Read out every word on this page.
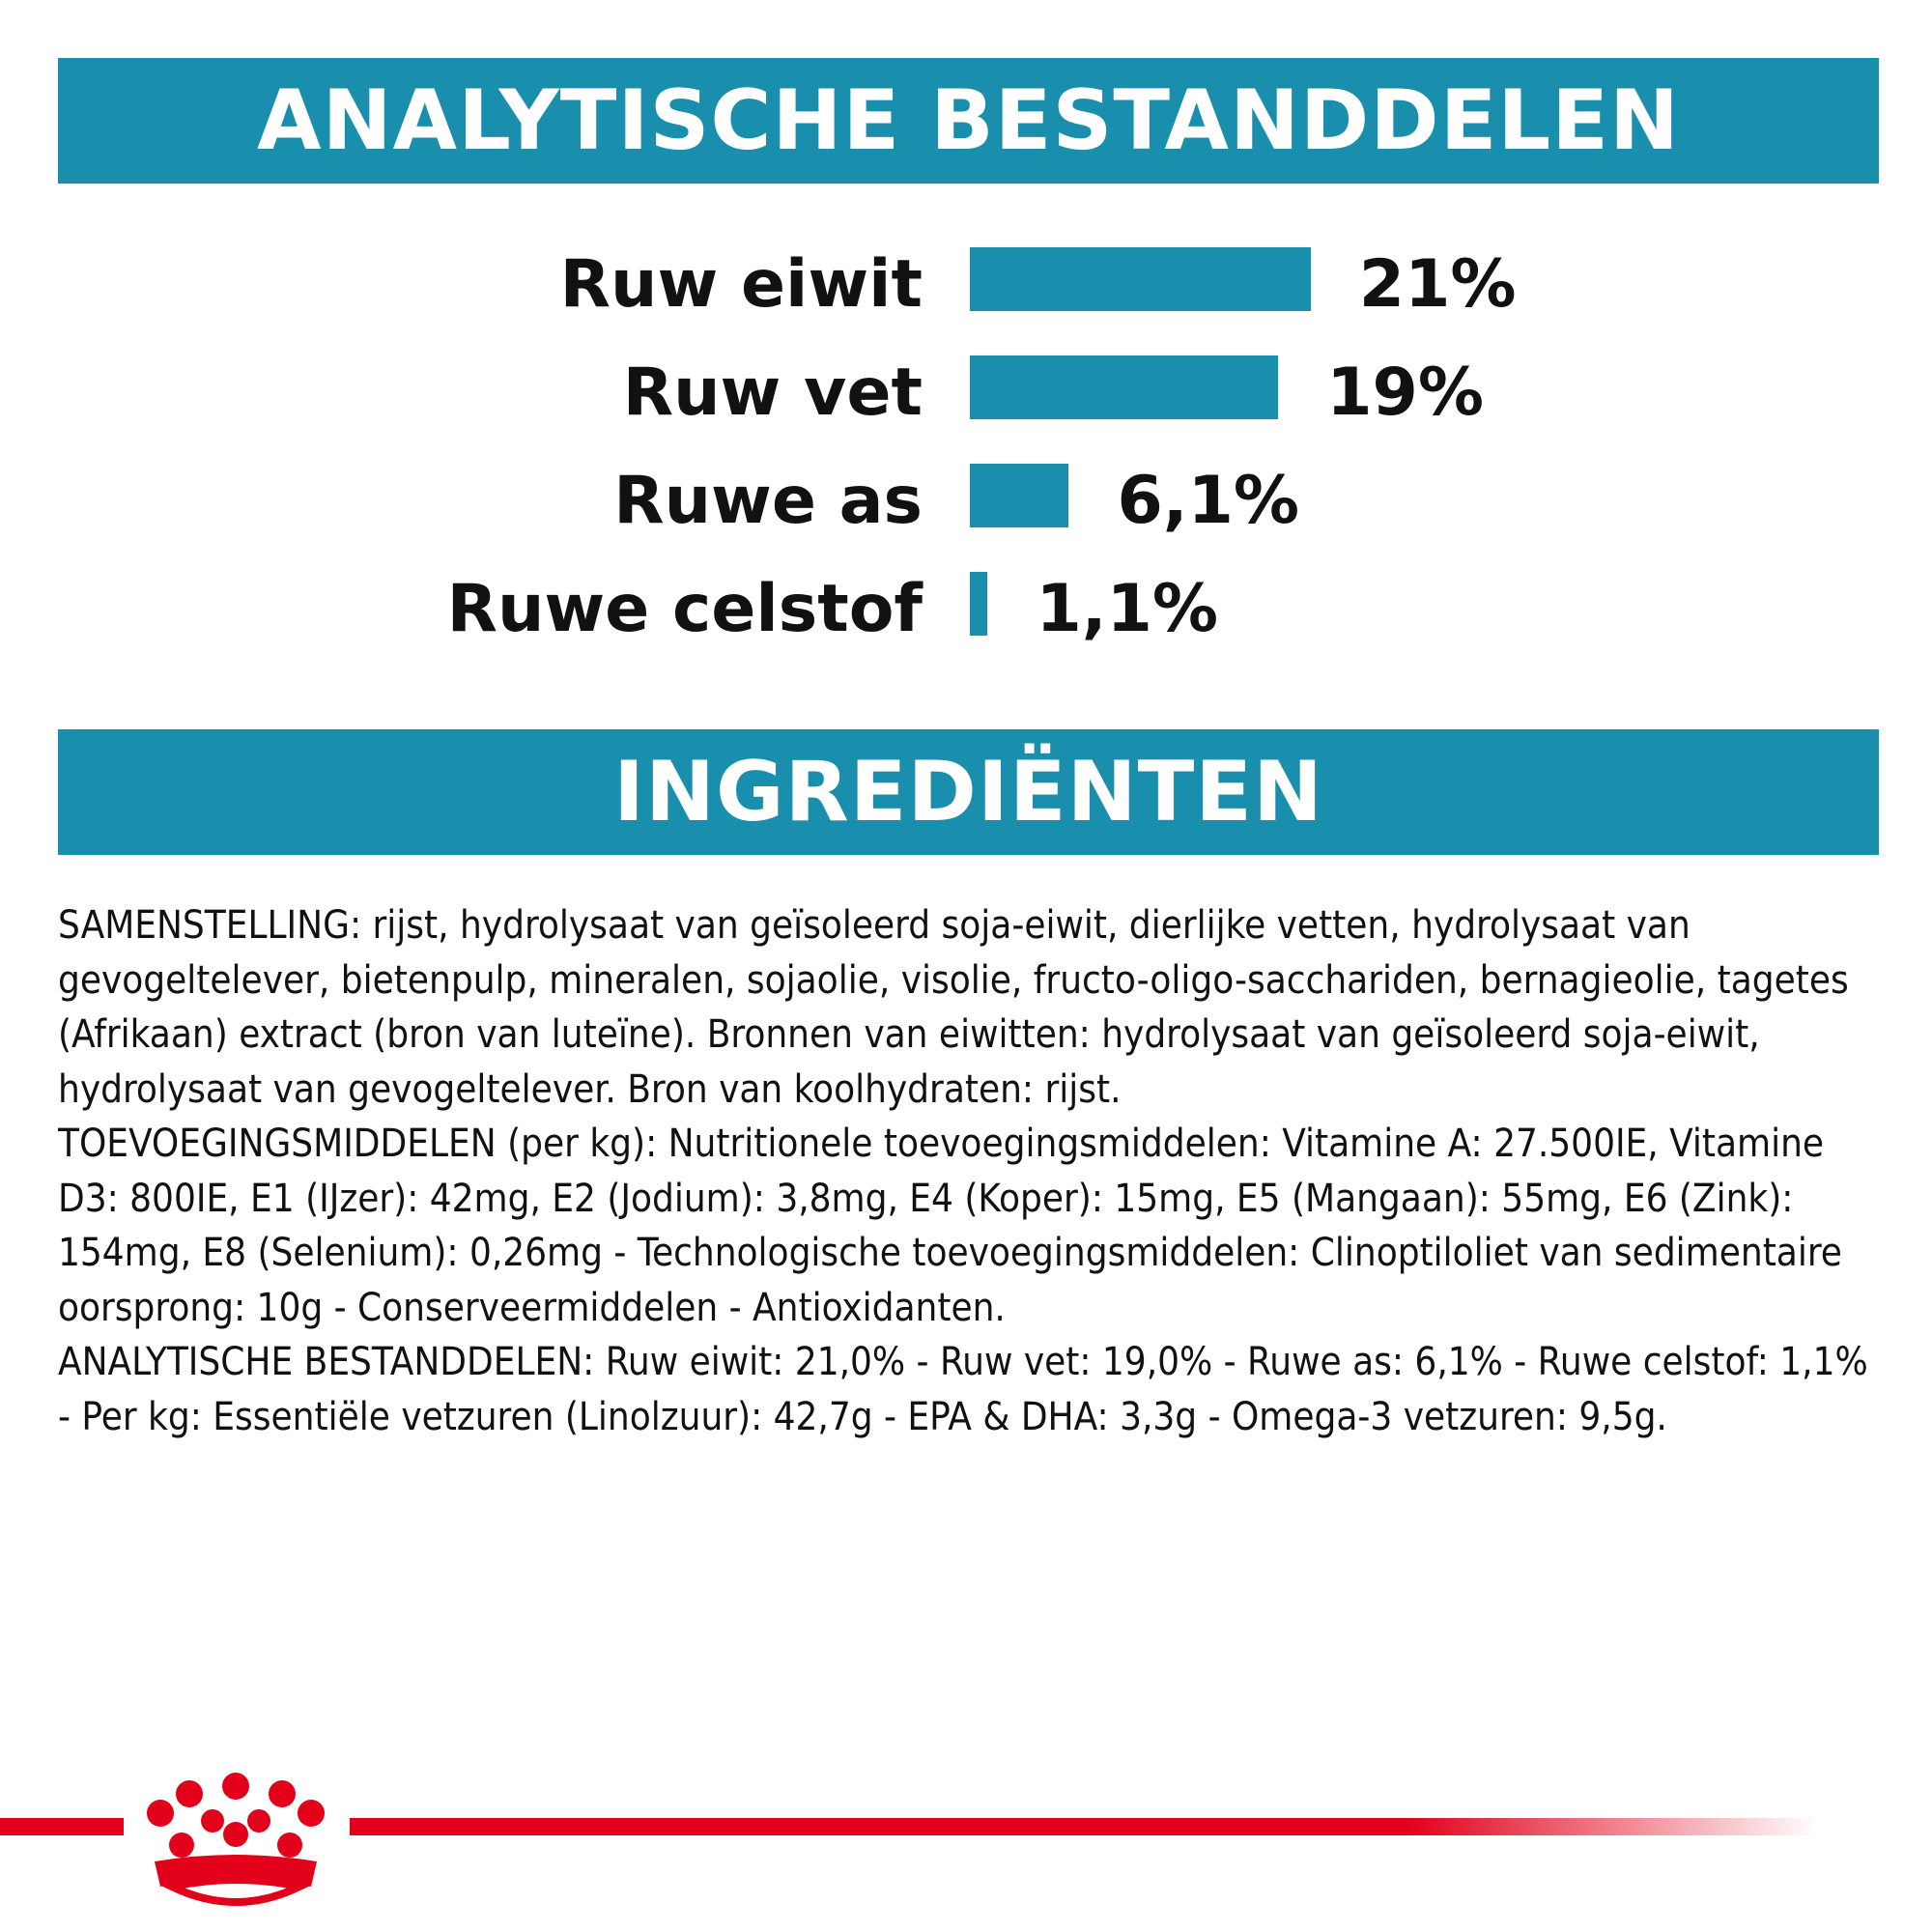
ANALYTISCHE BESTANDDELEN
Ruw eiwit	21%
Ruw vet	19%
Ruwe as	6,1%
Ruwe celstof 1,1%
INGREDIËNTEN

SAMENSTELLING: rijst, hydrolysaat van geïsoleerd soja-eiwit, dierlijke vetten, hydrolysaat van gevogeltelever, bietenpulp, mineralen, sojaolie, visolie, fructo-oligo-sacchariden, bernagieolie, tagetes (Afrikaan) extract (bron van luteïne). Bronnen van eiwitten: hydrolysaat van geïsoleerd soja-eiwit, hydrolysaat van gevogeltelever. Bron van koolhydraten: rijst.

TOEVOEGINGSMIDDELEN (per kg): Nutritionele toevoegingsmiddelen: Vitamine A: 27.500IE, Vitamine D3: 800IE, E1 (IJzer): 42mg, E2 (Jodium): 3,8mg, E4 (Koper): 15mg, E5 (Mangaan): 55mg, E6 (Zink): 154mg, E8 (Selenium): 0,26mg - Technologische toevoegingsmiddelen: Clinoptiloliet van sedimentaire oorsprong: 10g - Conserveermiddelen - Antioxidanten.

ANALYTISCHE BESTANDDELEN: Ruw eiwit: 21,0% - Ruw vet: 19,0% - Ruwe as: 6,1% - Ruwe celstof: 1,1% - Per kg: Essentiële vetzuren (Linolzuur): 42,7g - EPA & DHA: 3,3g - Omega-3 vetzuren: 9,5g.
